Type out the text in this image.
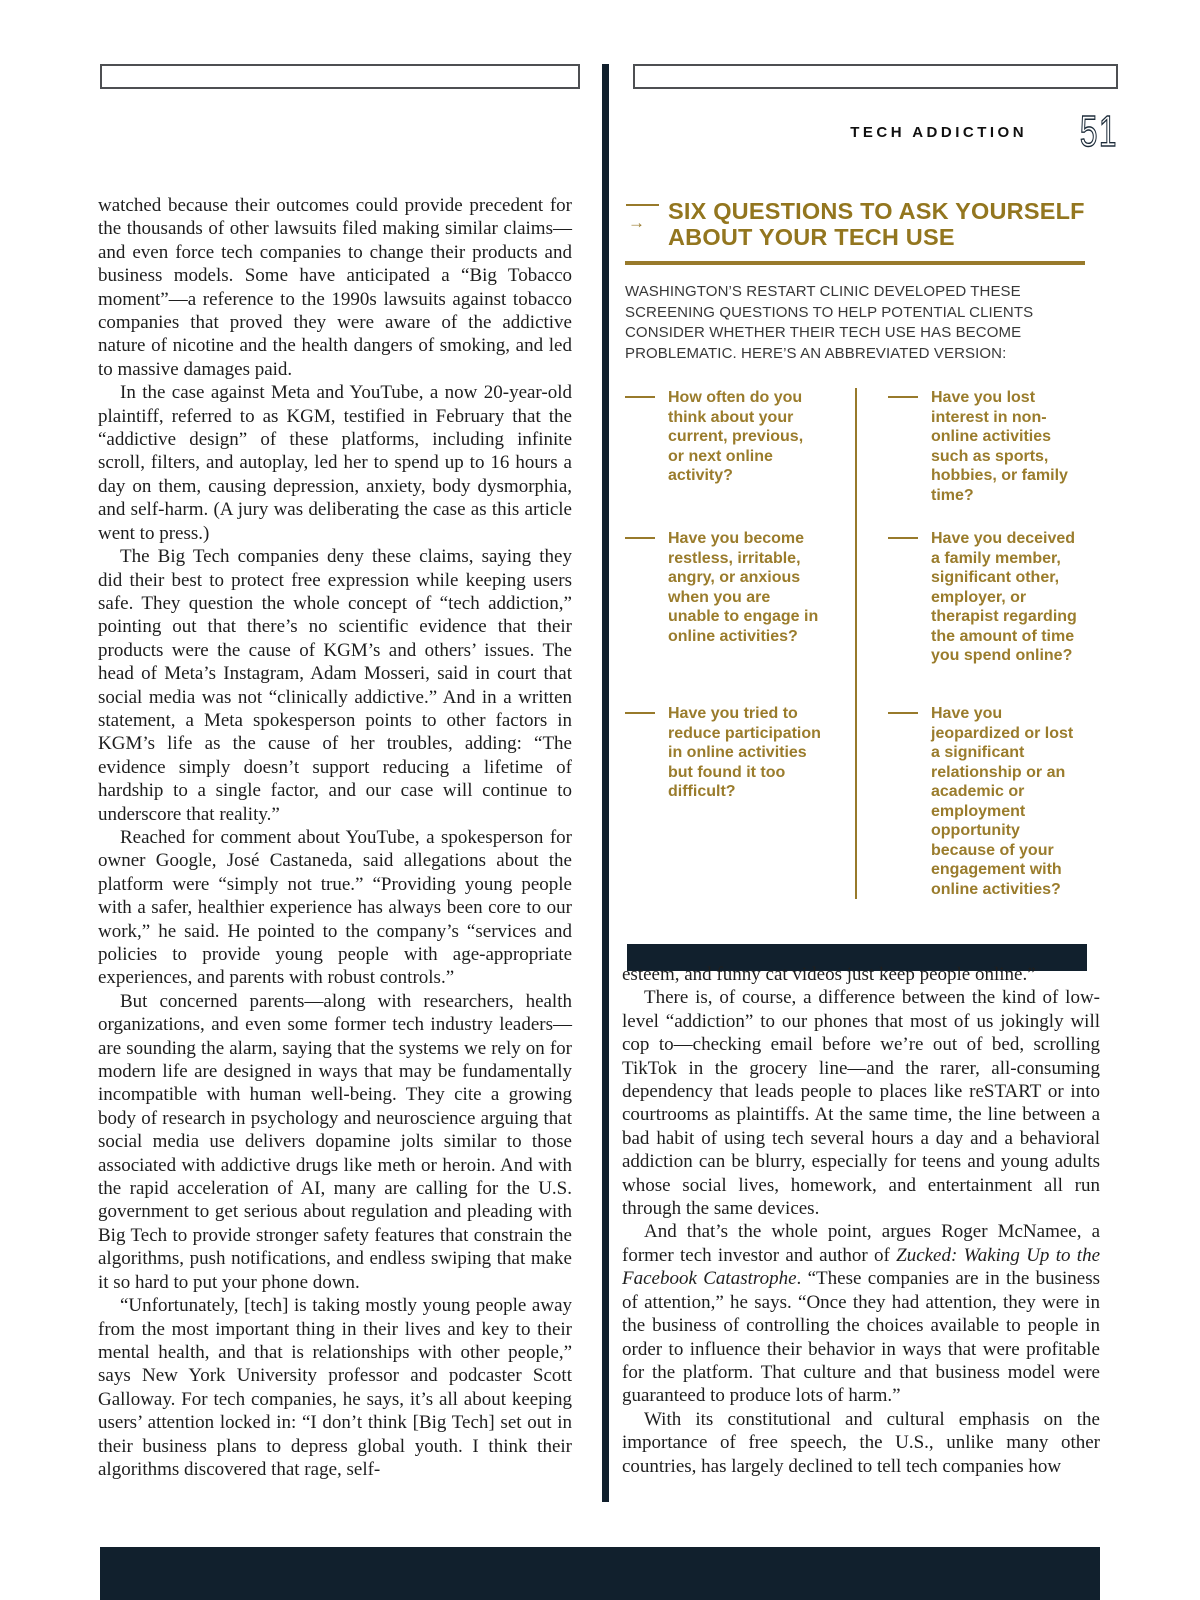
TECH ADDICTION 51

watched because their outcomes could provide precedent for the thousands of other lawsuits filed making similar claims—and even force tech companies to change their products and business models. Some have anticipated a “Big Tobacco moment”—a reference to the 1990s lawsuits against tobacco companies that proved they were aware of the addictive nature of nicotine and the health dangers of smoking, and led to massive damages paid.

In the case against Meta and YouTube, a now 20-year-old plaintiff, referred to as KGM, testified in February that the “addictive design” of these platforms, including infinite scroll, filters, and autoplay, led her to spend up to 16 hours a day on them, causing depression, anxiety, body dysmorphia, and self-harm. (A jury was deliberating the case as this article went to press.)

The Big Tech companies deny these claims, saying they did their best to protect free expression while keeping users safe. They question the whole concept of “tech addiction,” pointing out that there’s no scientific evidence that their products were the cause of KGM’s and others’ issues. The head of Meta’s Instagram, Adam Mosseri, said in court that social media was not “clinically addictive.” And in a written statement, a Meta spokesperson points to other factors in KGM’s life as the cause of her troubles, adding: “The evidence simply doesn’t support reducing a lifetime of hardship to a single factor, and our case will continue to underscore that reality.”

Reached for comment about YouTube, a spokesperson for owner Google, José Castaneda, said allegations about the platform were “simply not true.” “Providing young people with a safer, healthier experience has always been core to our work,” he said. He pointed to the company’s “services and policies to provide young people with age-appropriate experiences, and parents with robust controls.”

But concerned parents—along with researchers, health organizations, and even some former tech industry leaders—are sounding the alarm, saying that the systems we rely on for modern life are designed in ways that may be fundamentally incompatible with human well-being. They cite a growing body of research in psychology and neuroscience arguing that social media use delivers dopamine jolts similar to those associated with addictive drugs like meth or heroin. And with the rapid acceleration of AI, many are calling for the U.S. government to get serious about regulation and pleading with Big Tech to provide stronger safety features that constrain the algorithms, push notifications, and endless swiping that make it so hard to put your phone down.

“Unfortunately, [tech] is taking mostly young people away from the most important thing in their lives and key to their mental health, and that is relationships with other people,” says New York University professor and podcaster Scott Galloway. For tech companies, he says, it’s all about keeping users’ attention locked in: “I don’t think [Big Tech] set out in their business plans to depress global youth. I think their algorithms discovered that rage, self-

→ SIX QUESTIONS TO ASK YOURSELF
ABOUT YOUR TECH USE

WASHINGTON’S RESTART CLINIC DEVELOPED THESE SCREENING QUESTIONS TO HELP POTENTIAL CLIENTS CONSIDER WHETHER THEIR TECH USE HAS BECOME PROBLEMATIC. HERE’S AN ABBREVIATED VERSION:

How often do you think about your current, previous, or next online activity?

Have you lost interest in non-online activities such as sports, hobbies, or family time?

Have you become restless, irritable, angry, or anxious when you are unable to engage in online activities?

Have you deceived a family member, significant other, employer, or therapist regarding the amount of time you spend online?

Have you tried to reduce participation in online activities but found it too difficult?

Have you jeopardized or lost a significant relationship or an academic or employment opportunity because of your engagement with online activities?

esteem, and funny cat videos just keep people online.”

There is, of course, a difference between the kind of low-level “addiction” to our phones that most of us jokingly will cop to—checking email before we’re out of bed, scrolling TikTok in the grocery line—and the rarer, all-consuming dependency that leads people to places like reSTART or into courtrooms as plaintiffs. At the same time, the line between a bad habit of using tech several hours a day and a behavioral addiction can be blurry, especially for teens and young adults whose social lives, homework, and entertainment all run through the same devices.

And that’s the whole point, argues Roger McNamee, a former tech investor and author of Zucked: Waking Up to the Facebook Catastrophe. “These companies are in the business of attention,” he says. “Once they had attention, they were in the business of controlling the choices available to people in order to influence their behavior in ways that were profitable for the platform. That culture and that business model were guaranteed to produce lots of harm.”

With its constitutional and cultural emphasis on the importance of free speech, the U.S., unlike many other countries, has largely declined to tell tech companies how
